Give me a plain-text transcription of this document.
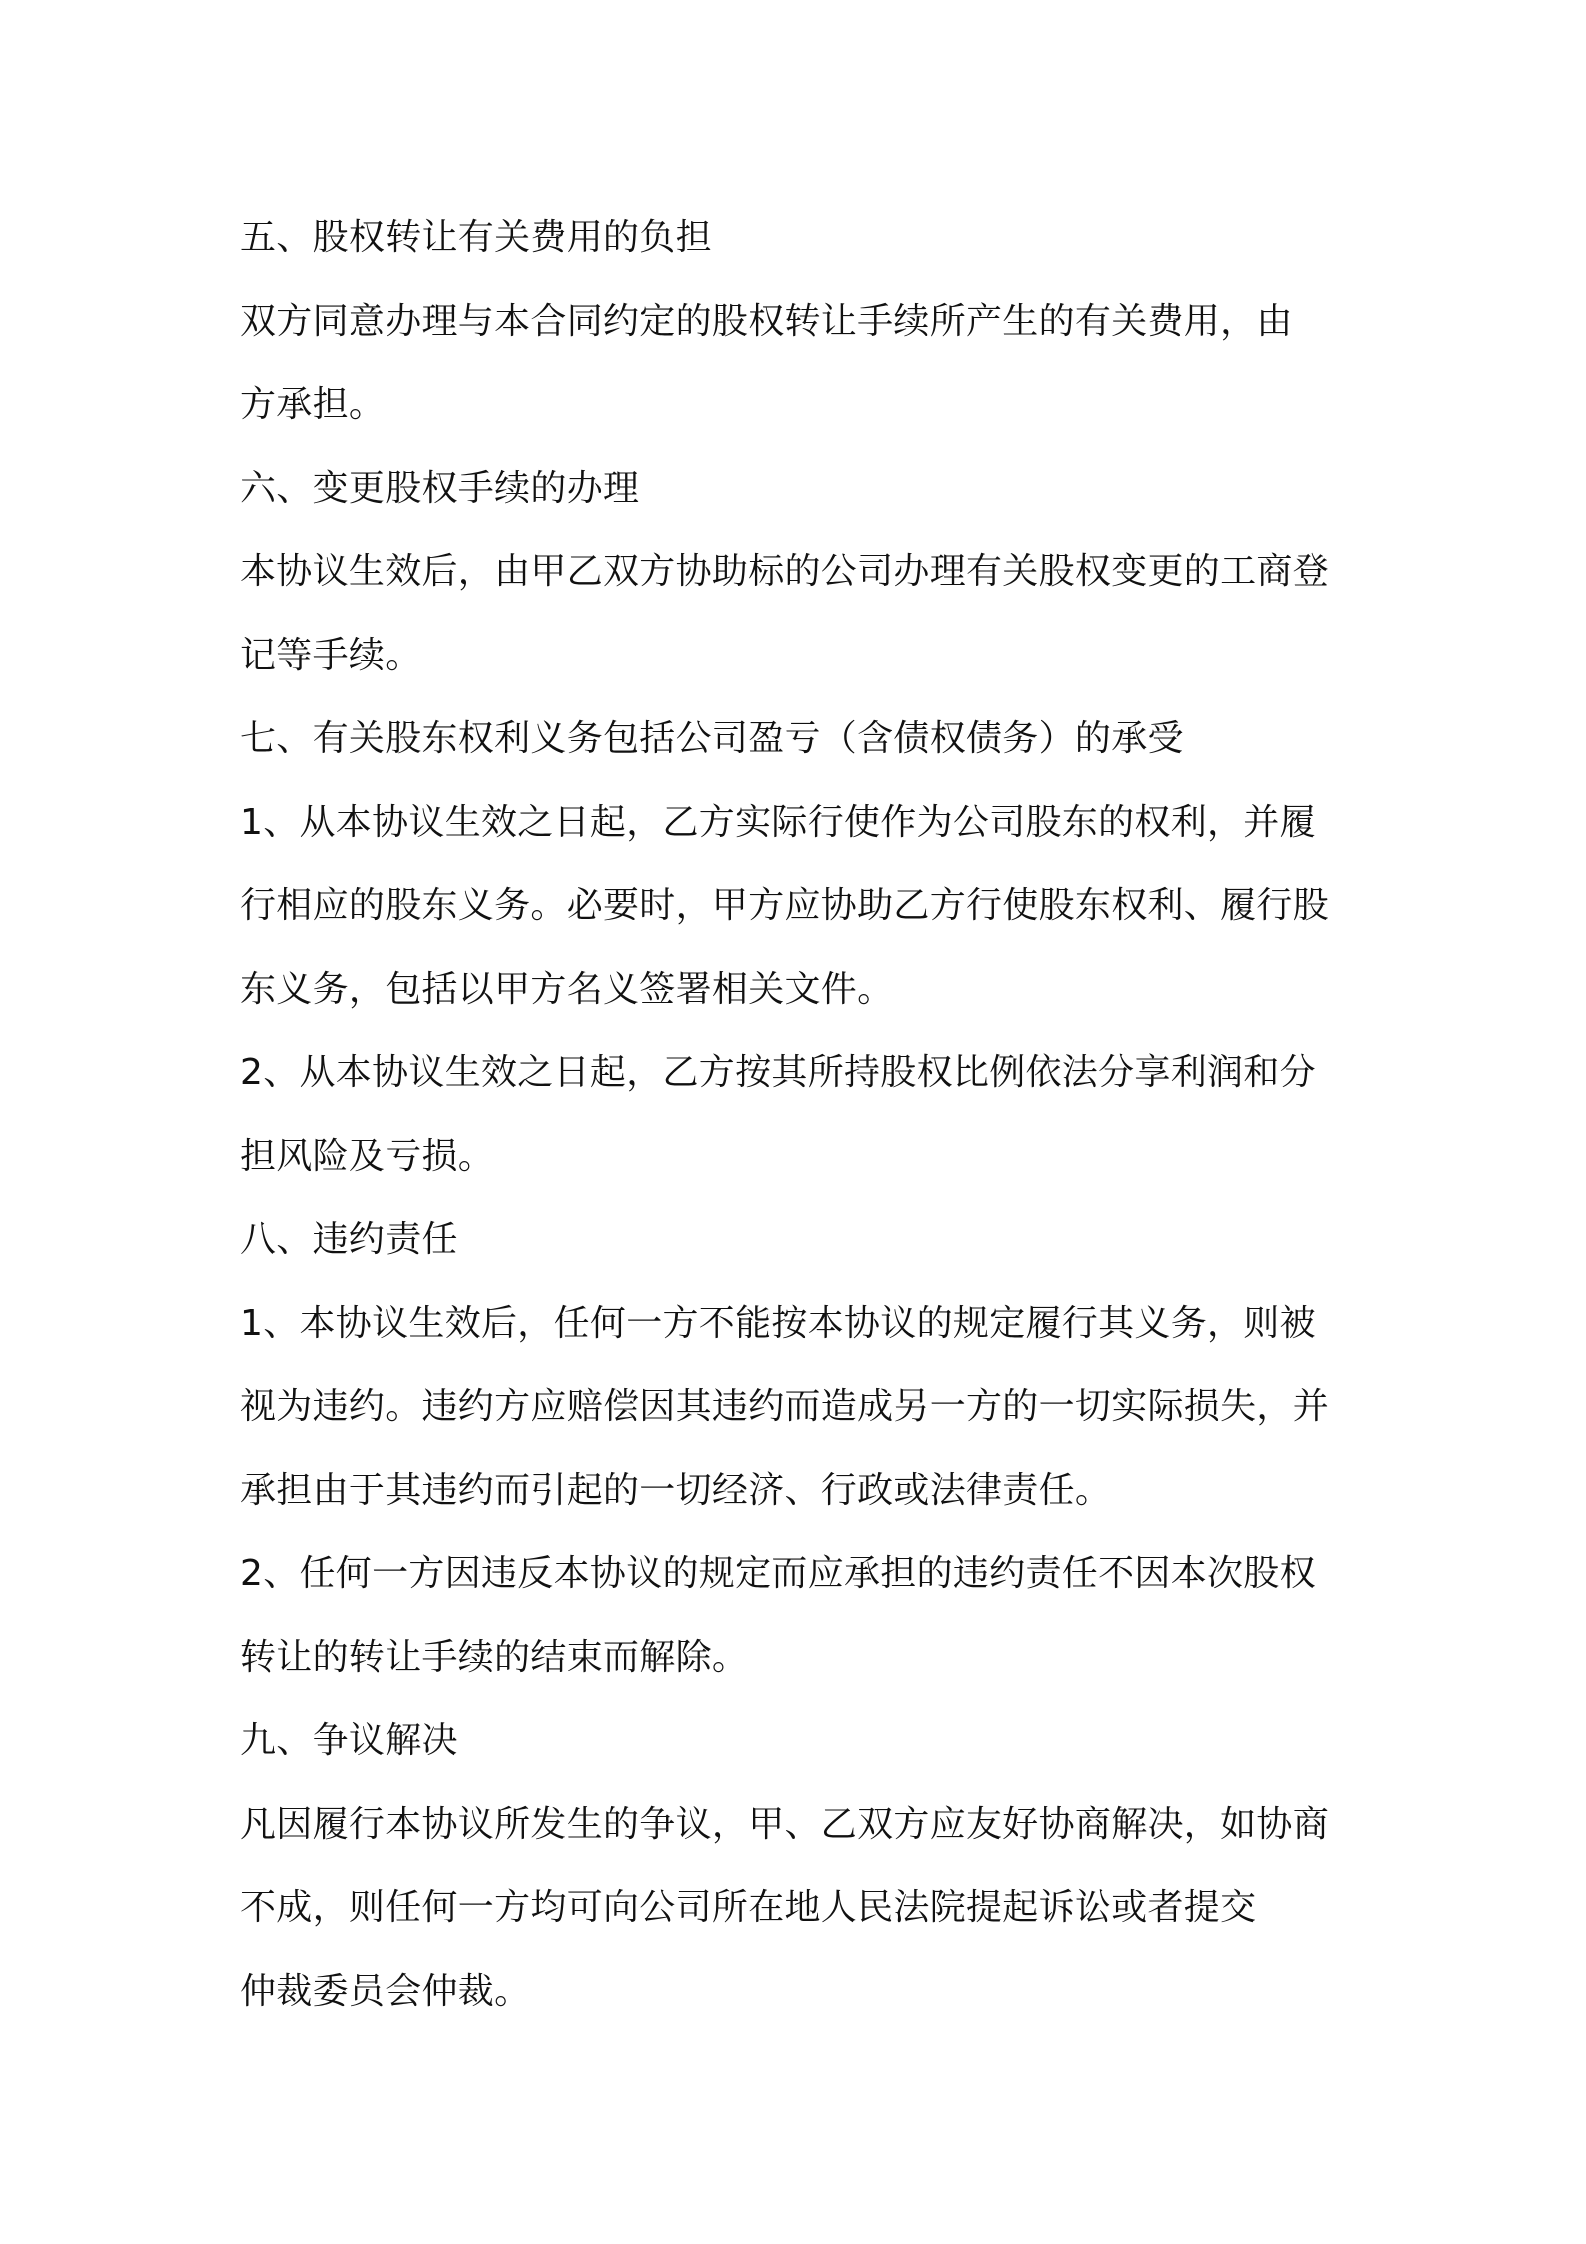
五、股权转让有关费用的负担
双方同意办理与本合同约定的股权转让手续所产生的有关费用，由
方承担。
六、变更股权手续的办理
本协议生效后，由甲乙双方协助标的公司办理有关股权变更的工商登
记等手续。
七、有关股东权利义务包括公司盈亏（含债权债务）的承受
1、从本协议生效之日起，乙方实际行使作为公司股东的权利，并履
行相应的股东义务。必要时，甲方应协助乙方行使股东权利、履行股
东义务，包括以甲方名义签署相关文件。
2、从本协议生效之日起，乙方按其所持股权比例依法分享利润和分
担风险及亏损。
八、违约责任
1、本协议生效后，任何一方不能按本协议的规定履行其义务，则被
视为违约。违约方应赔偿因其违约而造成另一方的一切实际损失，并
承担由于其违约而引起的一切经济、行政或法律责任。
2、任何一方因违反本协议的规定而应承担的违约责任不因本次股权
转让的转让手续的结束而解除。
九、争议解决
凡因履行本协议所发生的争议，甲、乙双方应友好协商解决，如协商
不成，则任何一方均可向公司所在地人民法院提起诉讼或者提交
仲裁委员会仲裁。
